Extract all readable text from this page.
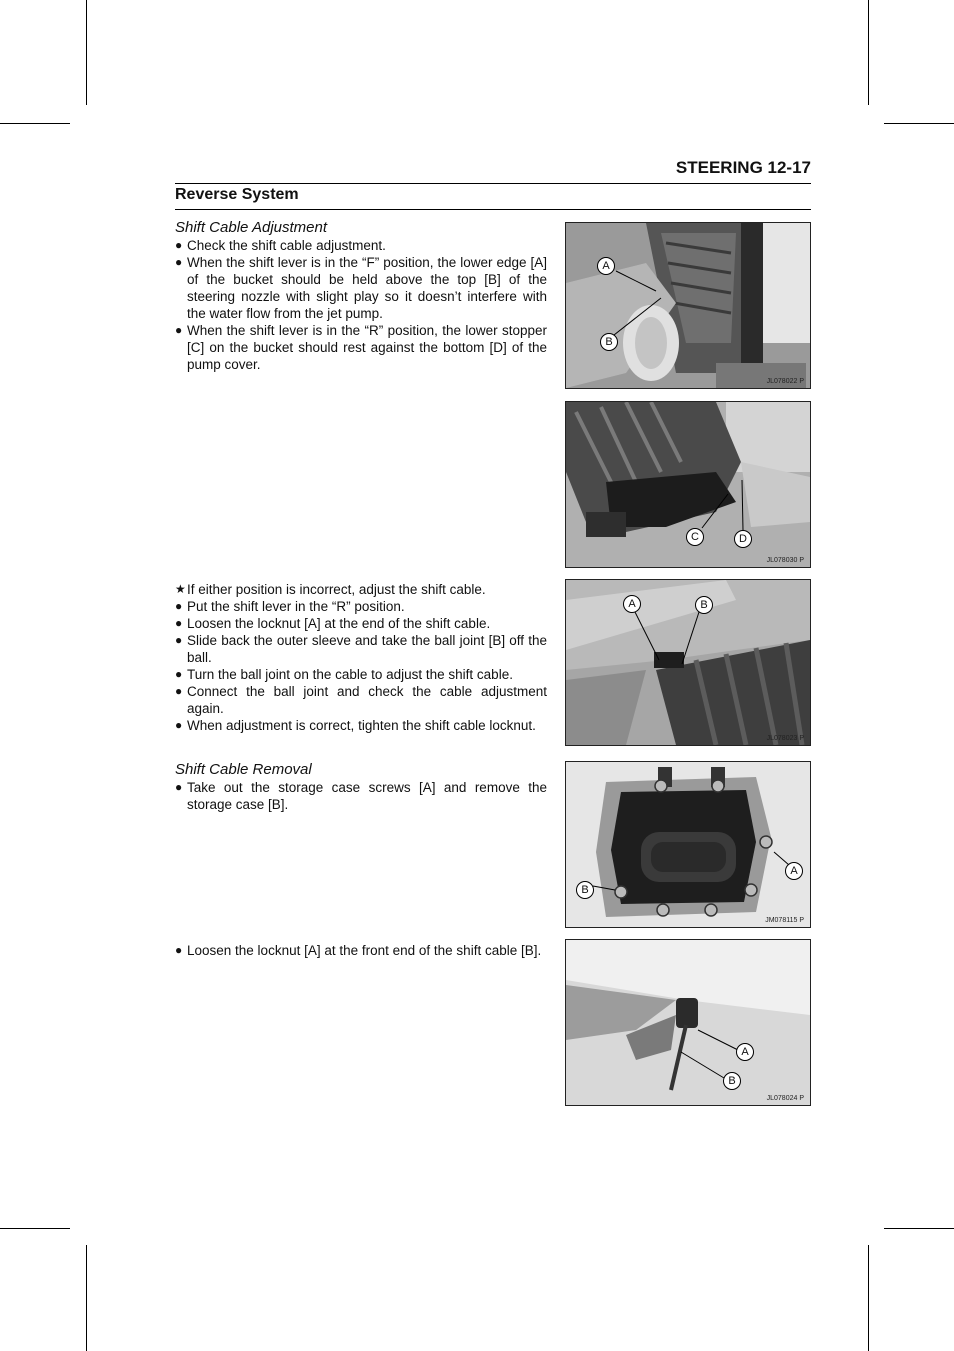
STEERING 12-17
Reverse System
Shift Cable Adjustment
● Check the shift cable adjustment.
● When the shift lever is in the “F” position, the lower edge [A] of the bucket should be held above the top [B] of the steering nozzle with slight play so it doesn’t interfere with the water flow from the jet pump.
● When the shift lever is in the “R” position, the lower stopper [C] on the bucket should rest against the bottom [D] of the pump cover.
★ If either position is incorrect, adjust the shift cable.
● Put the shift lever in the “R” position.
● Loosen the locknut [A] at the end of the shift cable.
● Slide back the outer sleeve and take the ball joint [B] off the ball.
● Turn the ball joint on the cable to adjust the shift cable.
● Connect the ball joint and check the cable adjustment again.
● When adjustment is correct, tighten the shift cable locknut.
Shift Cable Removal
● Take out the storage case screws [A] and remove the storage case [B].
● Loosen the locknut [A] at the front end of the shift cable [B].
A
B
JL078022 P
C	D
JL078030 P
A	B
JL078023 P
A
B
JM078115 P
A
B
JL078024 P
